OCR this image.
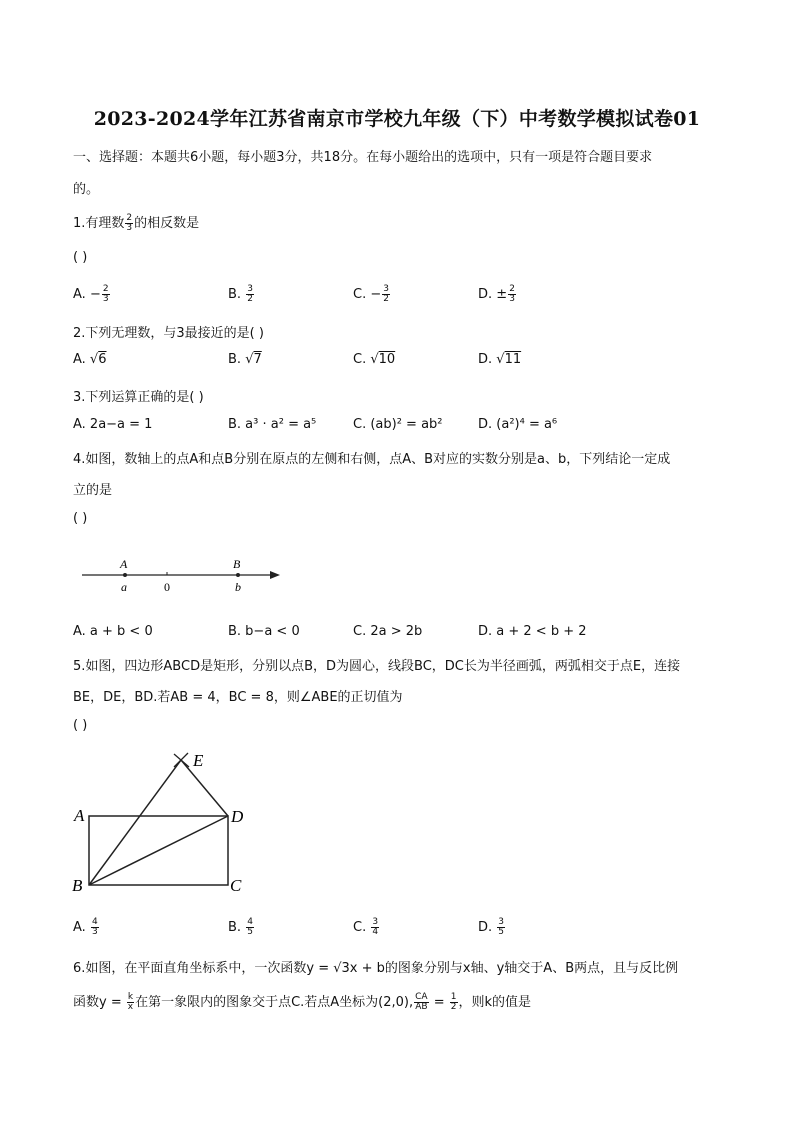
2023-2024学年江苏省南京市学校九年级（下）中考数学模拟试卷01
一、选择题：本题共6小题，每小题3分，共18分。在每小题给出的选项中，只有一项是符合题目要求
的。
1.有理数 $\frac{2}{3}$ 的相反数是
( )
A. − $\frac{2}{3}$	B. $\frac{3}{2}$	C. − $\frac{3}{2}$	D. ± $\frac{2}{3}$
2.下列无理数，与3最接近的是( )
A. √6	B. √7	C. √10	D. √11
3.下列运算正确的是( )
A. 2a−a = 1	B. a³ · a² = a⁵	C. (ab)² = ab²	D. (a²)⁴ = a⁶
4.如图，数轴上的点A和点B分别在原点的左侧和右侧，点A、B对应的实数分别是a、b，下列结论一定成
立的是
( )
A
a	0
B
b
A. a + b < 0	B. b−a < 0	C. 2a > 2b	D. a + 2 < b + 2
5.如图，四边形ABCD是矩形，分别以点B，D为圆心，线段BC，DC长为半径画弧，两弧相交于点E，连接
BE，DE，BD.若AB = 4，BC = 8，则∠ABE的正切值为
( )
E
A	D
B	C
A. $\frac{4}{3}$	B. $\frac{4}{5}$	C. $\frac{3}{4}$	D. $\frac{3}{5}$
6.如图，在平面直角坐标系中，一次函数y = √3x + b的图象分别与x轴、y轴交于A、B两点，且与反比例
函数$y = \frac{k}{x}$ 在第一象限内的图象交于点C.若点A坐标为(2,0), $\frac{CA}{AB} = \frac{1}{2}$ ，则k的值是
